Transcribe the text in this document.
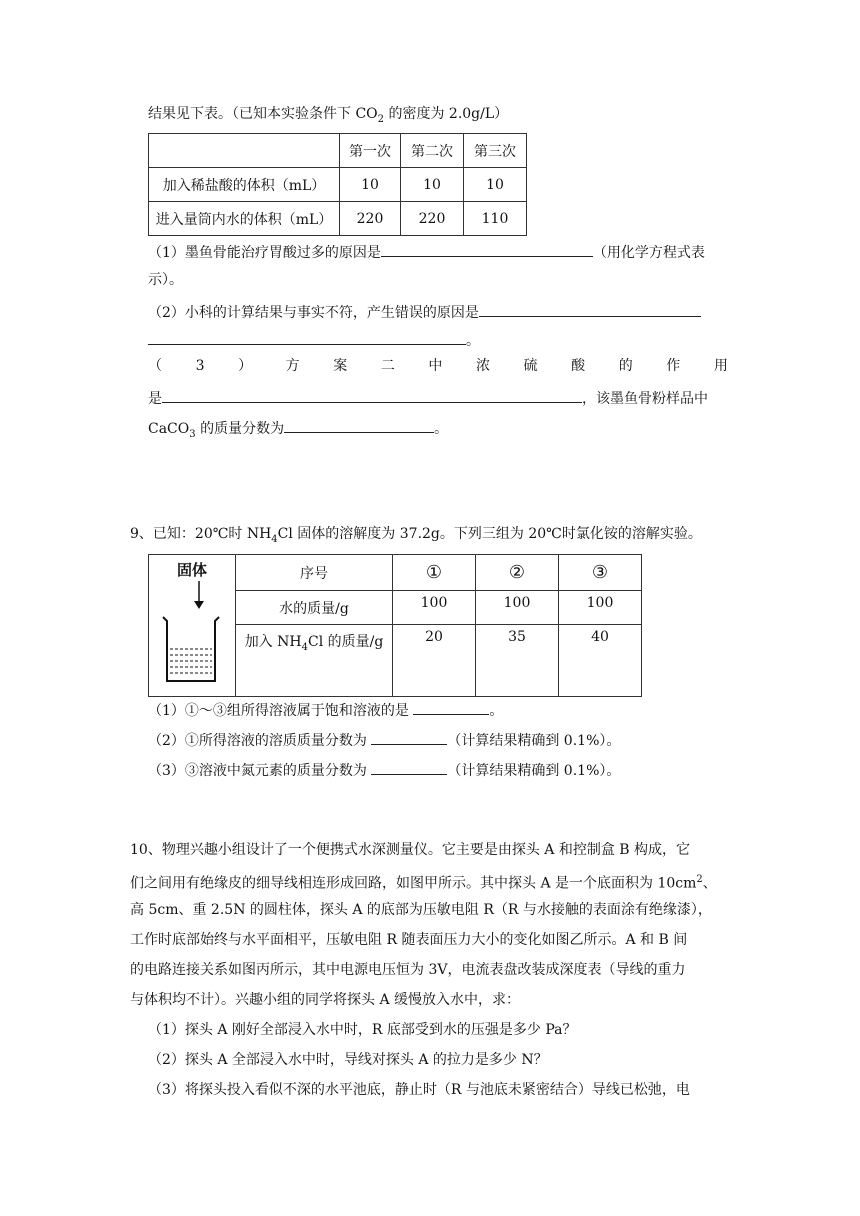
结果见下表。（已知本实验条件下 $CO_2$ 的密度为 2.0g/L）
	第一次	第二次	第三次
加入稀盐酸的体积（mL）	10	10	10
进入量筒内水的体积（mL）	220	220	110
（1）墨鱼骨能治疗胃酸过多的原因是	（用化学方程式表
示）。
（2）小科的计算结果与事实不符，产生错误的原因是
。
（ 3 ） 方 案 二 中 浓 硫 酸 的 作 用
是	，该墨鱼骨粉样品中
CaCO$_3$ 的质量分数为	。
9、已知：20℃时 $NH_4Cl$ 固体的溶解度为 37.2g。下列三组为 20℃时氯化铵的溶解实验。
固体	序号	①	②	③
	水的质量/g	100	100	100
	加入 $NH_4Cl$ 的质量/g	20	35	40
（1）①～③组所得溶液属于饱和溶液的是	。
（2）①所得溶液的溶质质量分数为	（计算结果精确到 0.1%）。
（3）③溶液中氮元素的质量分数为	（计算结果精确到 0.1%）。
10、物理兴趣小组设计了一个便携式水深测量仪。它主要是由探头 A 和控制盒 B 构成，它
们之间用有绝缘皮的细导线相连形成回路，如图甲所示。其中探头 A 是一个底面积为 $10cm^2$、
高 5cm、重 2.5N 的圆柱体，探头 A 的底部为压敏电阻 R（R 与水接触的表面涂有绝缘漆），
工作时底部始终与水平面相平，压敏电阻 R 随表面压力大小的变化如图乙所示。A 和 B 间
的电路连接关系如图丙所示，其中电源电压恒为 3V，电流表盘改装成深度表（导线的重力
与体积均不计）。兴趣小组的同学将探头 A 缓慢放入水中，求：
（1）探头 A 刚好全部浸入水中时，R 底部受到水的压强是多少 Pa？
（2）探头 A 全部浸入水中时，导线对探头 A 的拉力是多少 N？
（3）将探头投入看似不深的水平池底，静止时（R 与池底未紧密结合）导线已松弛，电
